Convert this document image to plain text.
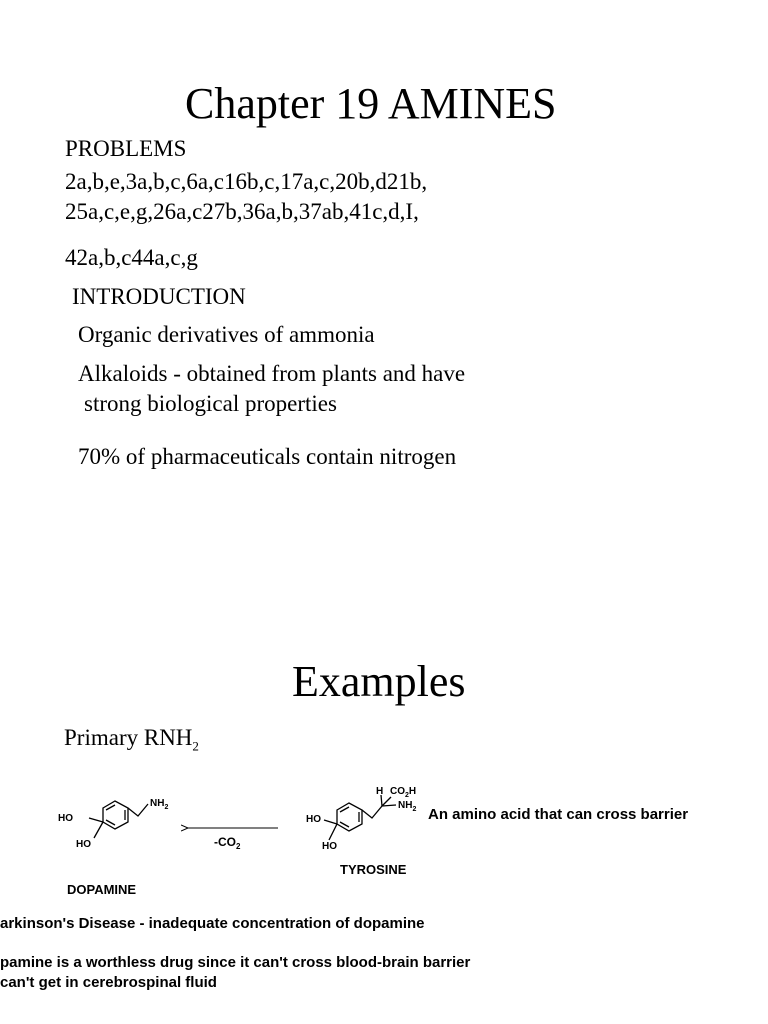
Chapter 19 AMINES
PROBLEMS
2a,b,e,3a,b,c,6a,c16b,c,17a,c,20b,d21b,
25a,c,e,g,26a,c27b,36a,b,37ab,41c,d,I,
42a,b,c44a,c,g
INTRODUCTION
Organic derivatives of ammonia
Alkaloids - obtained from plants and have
strong biological properties
70% of pharmaceuticals contain nitrogen
Examples
Primary $RNH_2$
HO
HO
$NH_2$
$-CO_2$
HO
HO
H $CO_2H$
$NH_2$ An amino acid that can cross barrier
TYROSINE
DOPAMINE
arkinson's Disease - inadequate concentration of dopamine
pamine is a worthless drug since it can't cross blood-brain barrier
can't get in cerebrospinal fluid
